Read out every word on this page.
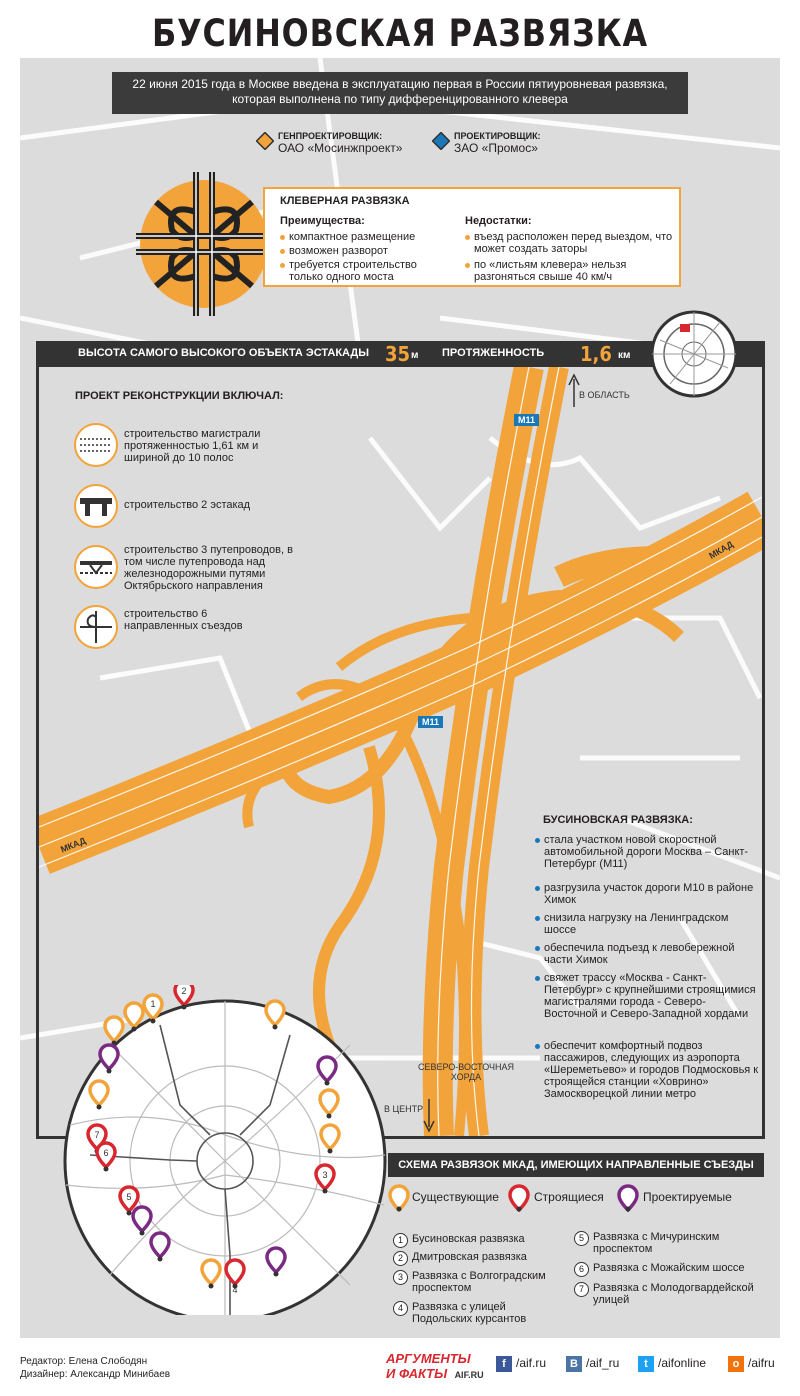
БУСИНОВСКАЯ РАЗВЯЗКА
22 июня 2015 года в Москве введена в эксплуатацию первая в России пятиуровневая развязка, которая выполнена по типу дифференцированного клевера
ГЕНПРОЕКТИРОВЩИК:
ОАО «Мосинжпроект»
ПРОЕКТИРОВЩИК:
ЗАО «Промос»
КЛЕВЕРНАЯ РАЗВЯЗКА
Преимущества:
компактное размещение
возможен разворот
требуется строительство только одного моста
Недостатки:
въезд расположен перед выездом, что может создать заторы
по «листьям клевера» нельзя разгоняться свыше 40 км/ч
ВЫСОТА САМОГО ВЫСОКОГО ОБЪЕКТА ЭСТАКАДЫ 35 м ПРОТЯЖЕННОСТЬ 1,6 км
В ОБЛАСТЬ
В ЦЕНТР
M11
M11
МКАД
МКАД
СЕВЕРО-ВОСТОЧНАЯ ХОРДА
ПРОЕКТ РЕКОНСТРУКЦИИ ВКЛЮЧАЛ:
строительство магистрали протяженностью 1,61 км и шириной до 10 полос
строительство 2 эстакад
строительство 3 путепроводов, в том числе путепровода над железнодорожными путями Октябрьского направления
строительство 6 направленных съездов
БУСИНОВСКАЯ РАЗВЯЗКА:
стала участком новой скоростной автомобильной дороги Москва – Санкт-Петербург (М11)
разгрузила участок дороги М10 в районе Химок
снизила нагрузку на Ленинградском шоссе
обеспечила подъезд к левобережной части Химок
свяжет трассу «Москва - Санкт-Петербург» с крупнейшими строящимися магистралями города - Северо-Восточной и Северо-Западной хордами
обеспечит комфортный подвоз пассажиров, следующих из аэропорта «Шереметьево» и городов Подмосковья к строящейся станции «Ховрино» Замоскворецкой линии метро
1
2
3
4
5
6
7
СХЕМА РАЗВЯЗОК МКАД, ИМЕЮЩИХ НАПРАВЛЕННЫЕ СЪЕЗДЫ
Существующие	Строящиеся	Проектируемые
1 Бусиновская развязка
2 Дмитровская развязка
3 Развязка с Волгоградским проспектом
4 Развязка с улицей Подольских курсантов
5 Развязка с Мичуринским проспектом
6 Развязка с Можайским шоссе
7 Развязка с Молодогвардейской улицей
Редактор: Елена Слободян
Дизайнер: Александр Минибаев
АРГУМЕНТЫ
И ФАКТЫ AIF.RU
f /aif.ru	B /aif_ru	t /aifonline	o /aifru
